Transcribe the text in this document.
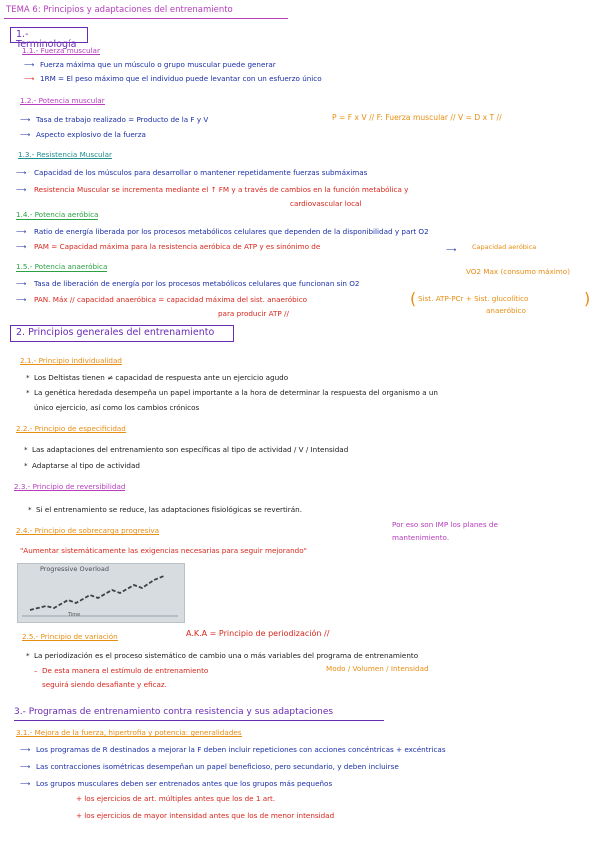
TEMA 6: Principios y adaptaciones del entrenamiento
1.- Terminología
1.1.- Fuerza muscular
⟶ Fuerza máxima que un músculo o grupo muscular puede generar
⟶ 1RM = El peso máximo que el individuo puede levantar con un esfuerzo único
1.2.- Potencia muscular
⟶ Tasa de trabajo realizado = Producto de la F y V	P = F x V // F: Fuerza muscular // V = D x T //
⟶ Aspecto explosivo de la fuerza
1.3.- Resistencia Muscular
⟶ Capacidad de los músculos para desarrollar o mantener repetidamente fuerzas submáximas
⟶ Resistencia Muscular se incrementa mediante el ↑ FM y a través de cambios en la función metabólica y
cardiovascular local
1.4.- Potencia aeróbica
⟶ Ratio de energía liberada por los procesos metabólicos celulares que dependen de la disponibilidad y part O2
⟶ PAM = Capacidad máxima para la resistencia aeróbica de ATP y es sinónimo de	⟶ Capacidad aeróbica
VO2 Max (consumo máximo)
1.5.- Potencia anaeróbica
⟶ Tasa de liberación de energía por los procesos metabólicos celulares que funcionan sin O2
⟶ PAN. Máx // capacidad anaeróbica = capacidad máxima del sist. anaeróbico
para producir ATP //
( Sist. ATP-PCr + Sist. glucolítico
anaeróbico
)
2. Principios generales del entrenamiento
2.1.- Principio individualidad
* Los Deltistas tienen ≠ capacidad de respuesta ante un ejercicio agudo
* La genética heredada desempeña un papel importante a la hora de determinar la respuesta del organismo a un
único ejercicio, así como los cambios crónicos
2.2.- Principio de especificidad
* Las adaptaciones del entrenamiento son específicas al tipo de actividad / V / Intensidad
* Adaptarse al tipo de actividad
2.3.- Principio de reversibilidad
* Si el entrenamiento se reduce, las adaptaciones fisiológicas se revertirán.
Por eso son IMP los planes de
mantenimiento.
2.4.- Principio de sobrecarga progresiva
"Aumentar sistemáticamente las exigencias necesarias para seguir mejorando"
Progressive Overload
Time
2.5.- Principio de variación	A.K.A = Principio de periodización //
* La periodización es el proceso sistemático de cambio una o más variables del programa de entrenamiento
Modo / Volumen / Intensidad
– De esta manera el estímulo de entrenamiento
seguirá siendo desafiante y eficaz.
3.- Programas de entrenamiento contra resistencia y sus adaptaciones
3.1.- Mejora de la fuerza, hipertrofia y potencia: generalidades
⟶ Los programas de R destinados a mejorar la F deben incluir repeticiones con acciones concéntricas + excéntricas
⟶ Las contracciones isométricas desempeñan un papel beneficioso, pero secundario, y deben incluirse
⟶ Los grupos musculares deben ser entrenados antes que los grupos más pequeños
+ los ejercicios de art. múltiples antes que los de 1 art.
+ los ejercicios de mayor intensidad antes que los de menor intensidad
